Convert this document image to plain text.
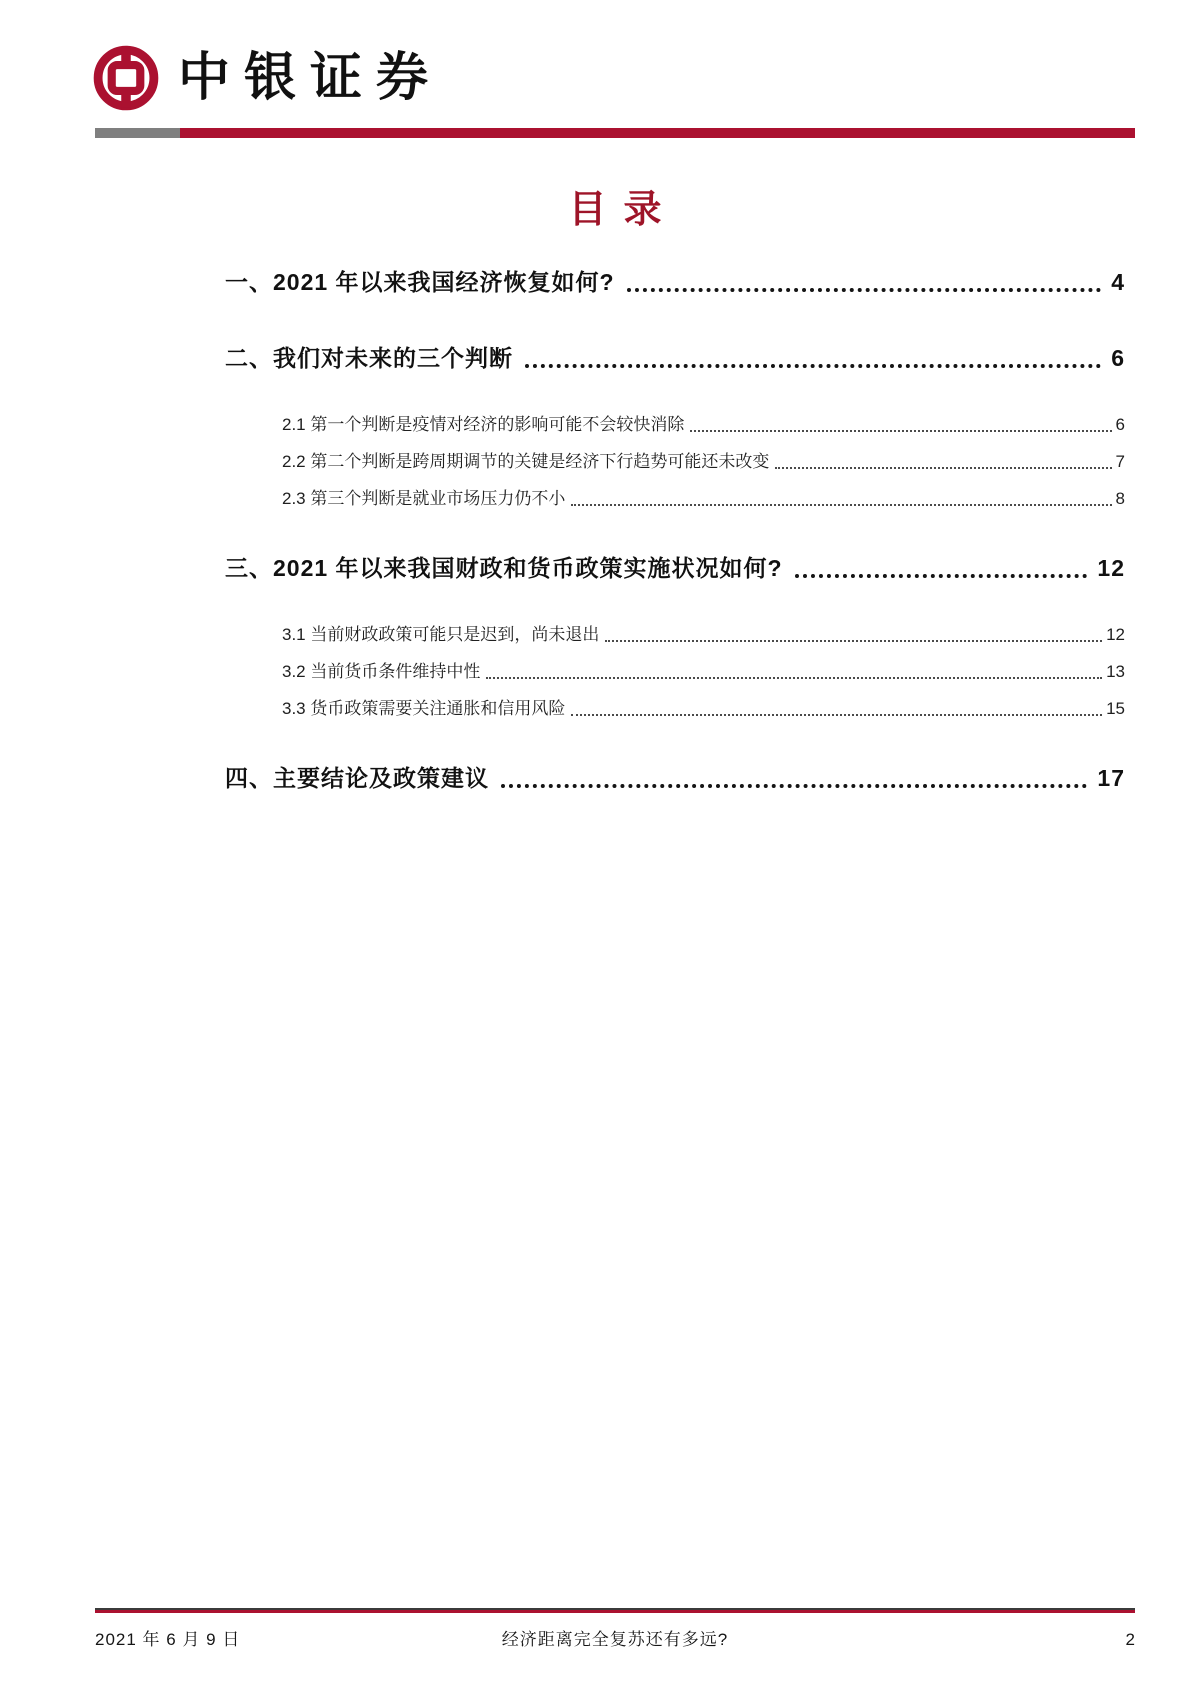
中银证券
目录
一、2021 年以来我国经济恢复如何?	4
二、我们对未来的三个判断	6
2.1 第一个判断是疫情对经济的影响可能不会较快消除	6
2.2 第二个判断是跨周期调节的关键是经济下行趋势可能还未改变	7
2.3 第三个判断是就业市场压力仍不小	8
三、2021 年以来我国财政和货币政策实施状况如何?	12
3.1 当前财政政策可能只是迟到，尚未退出	12
3.2 当前货币条件维持中性	13
3.3 货币政策需要关注通胀和信用风险	15
四、主要结论及政策建议	17
2021 年 6 月 9 日	经济距离完全复苏还有多远?	2
